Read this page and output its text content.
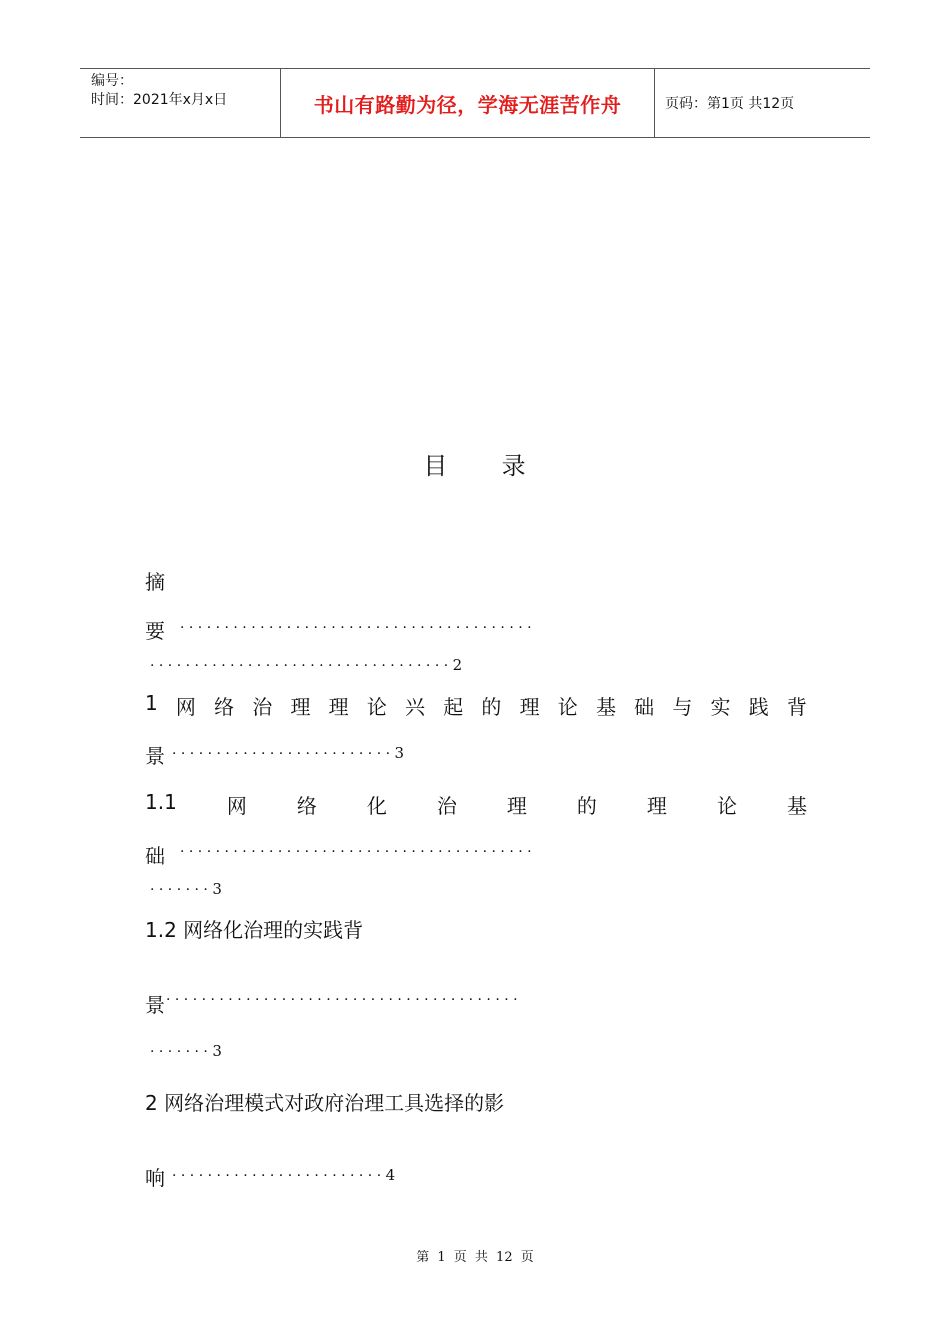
编号：
时间：2021年x月x日	书山有路勤为径，学海无涯苦作舟	页码：第1页 共12页
目 录
摘
要 · · · · · · · · · · · · · · · · · · · · · · · · · · · · · · · · · · · · · · · ·
· · · · · · · · · · · · · · · · · · · · · · · · · · · · · · · · · · 2
1 网 络 治 理 理 论 兴 起 的 理 论 基 础 与 实 践 背
景 · · · · · · · · · · · · · · · · · · · · · · · · · 3
1.1	网	络	化	治	理	的	理	论	基
础 · · · · · · · · · · · · · · · · · · · · · · · · · · · · · · · · · · · · · · · ·
· · · · · · · 3
1.2 网络化治理的实践背
景 · · · · · · · · · · · · · · · · · · · · · · · · · · · · · · · · · · · · · · · ·
· · · · · · · 3
2 网络治理模式对政府治理工具选择的影
响 · · · · · · · · · · · · · · · · · · · · · · · · 4
第 1 页 共 12 页
